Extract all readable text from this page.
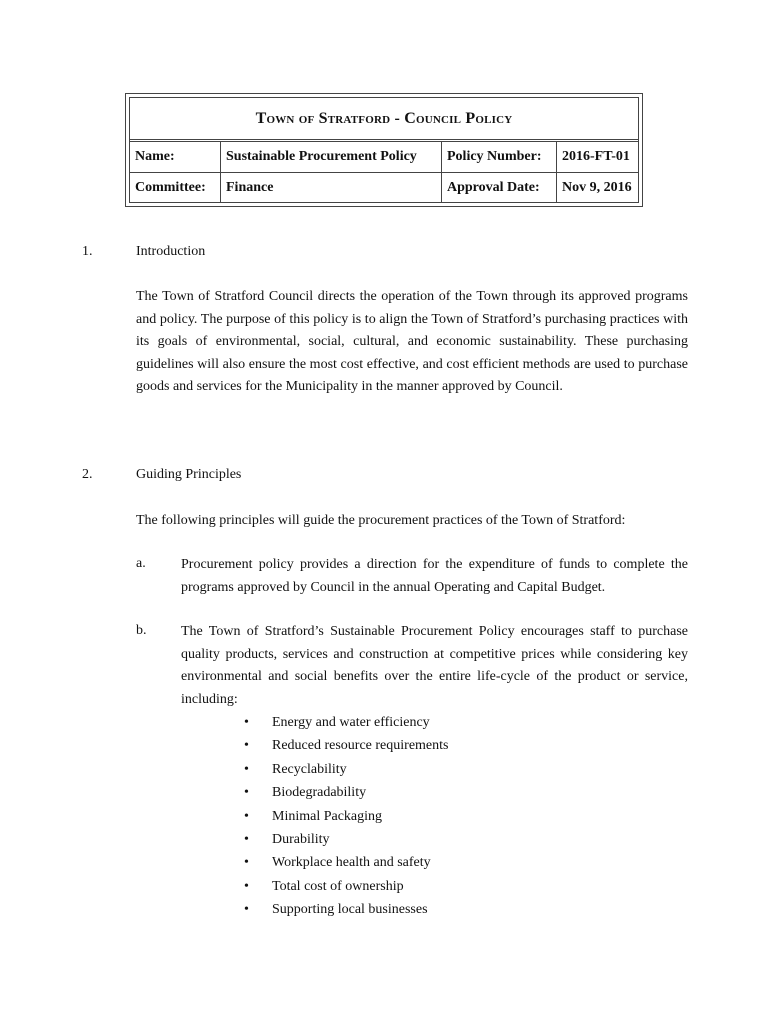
Town of Stratford - Council Policy
Name:	Sustainable Procurement Policy	Policy Number:	2016-FT-01
Committee:	Finance	Approval Date:	Nov 9, 2016
1.	Introduction

The Town of Stratford Council directs the operation of the Town through its approved programs and policy. The purpose of this policy is to align the Town of Stratford’s purchasing practices with its goals of environmental, social, cultural, and economic sustainability. These purchasing guidelines will also ensure the most cost effective, and cost efficient methods are used to purchase goods and services for the Municipality in the manner approved by Council.

2.	Guiding Principles

The following principles will guide the procurement practices of the Town of Stratford:

a.	Procurement policy provides a direction for the expenditure of funds to complete the programs approved by Council in the annual Operating and Capital Budget.

b. The Town of Stratford’s Sustainable Procurement Policy encourages staff to purchase quality products, services and construction at competitive prices while considering key environmental and social benefits over the entire life-cycle of the product or service, including:

• Energy and water efficiency
• Reduced resource requirements
• Recyclability
• Biodegradability
• Minimal Packaging
• Durability
• Workplace health and safety
• Total cost of ownership
• Supporting local businesses
